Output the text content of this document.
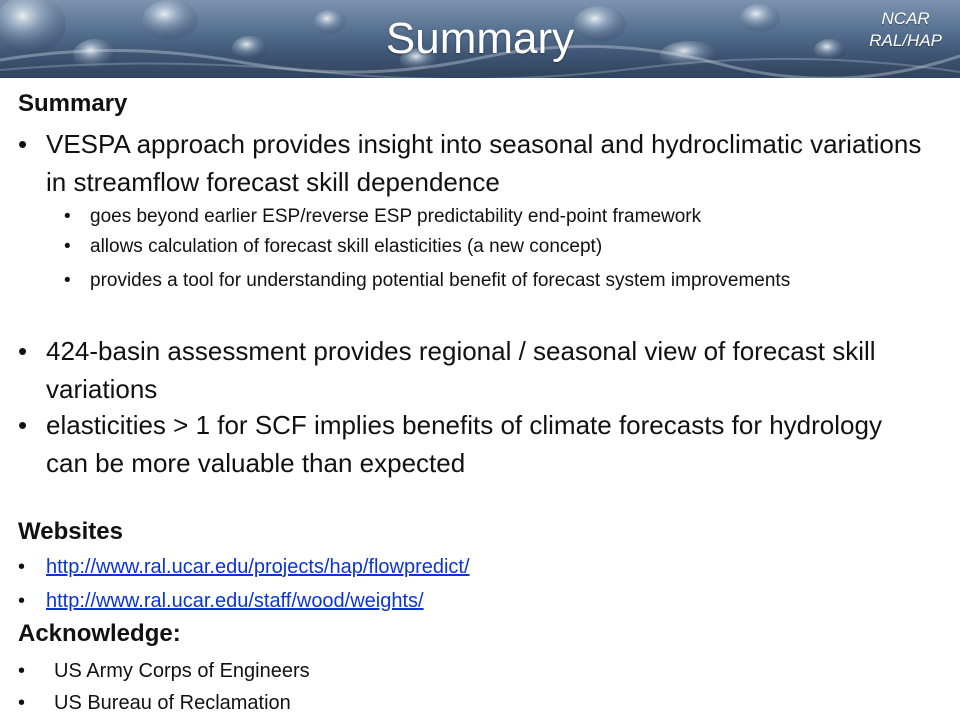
Summary	NCAR
RAL/HAP
Summary
• VESPA approach provides insight into seasonal and hydroclimatic variations in streamflow forecast skill dependence
• goes beyond earlier ESP/reverse ESP predictability end-point framework
• allows calculation of forecast skill elasticities (a new concept)
• provides a tool for understanding potential benefit of forecast system improvements
• 424-basin assessment provides regional / seasonal view of forecast skill variations
• elasticities > 1 for SCF implies benefits of climate forecasts for hydrology can be more valuable than expected
Websites
• http://www.ral.ucar.edu/projects/hap/flowpredict/
• http://www.ral.ucar.edu/staff/wood/weights/
Acknowledge:
• US Army Corps of Engineers
• US Bureau of Reclamation
